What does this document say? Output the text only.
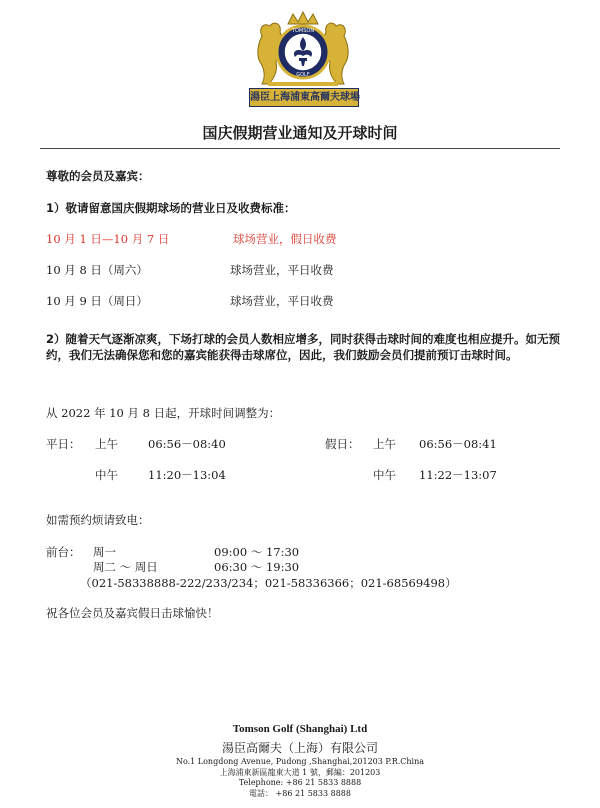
TOMSON
GOLF
湯臣上海浦東高爾夫球場
国庆假期营业通知及开球时间
尊敬的会员及嘉宾：
1）敬请留意国庆假期球场的营业日及收费标准：
10 月 1 日—10 月 7 日	球场营业，假日收费
10 月 8 日（周六）	球场营业，平日收费
10 月 9 日（周日）	球场营业，平日收费
2）随着天气逐渐凉爽，下场打球的会员人数相应增多，同时获得击球时间的难度也相应提升。如无预约，我们无法确保您和您的嘉宾能获得击球席位，因此，我们鼓励会员们提前预订击球时间。
从 2022 年 10 月 8 日起，开球时间调整为：
平日： 上午	06:56－08:40	假日： 上午 06:56－08:41
中午	11:20－13:04	中午 11:22－13:07
如需预约烦请致电：
前台： 周一	09:00 ～ 17:30
周二 ～ 周日	06:30 ～ 19:30
（021-58338888-222/233/234；021-58336366；021-68569498）
祝各位会员及嘉宾假日击球愉快！
Tomson Golf (Shanghai) Ltd
湯臣高爾夫（上海）有限公司
No.1 Longdong Avenue, Pudong ,Shanghai,201203 P.R.China
上海浦東新區龍東大道 1 號，郵編：201203
Telephone: +86 21 5833 8888
電話： +86 21 5833 8888
